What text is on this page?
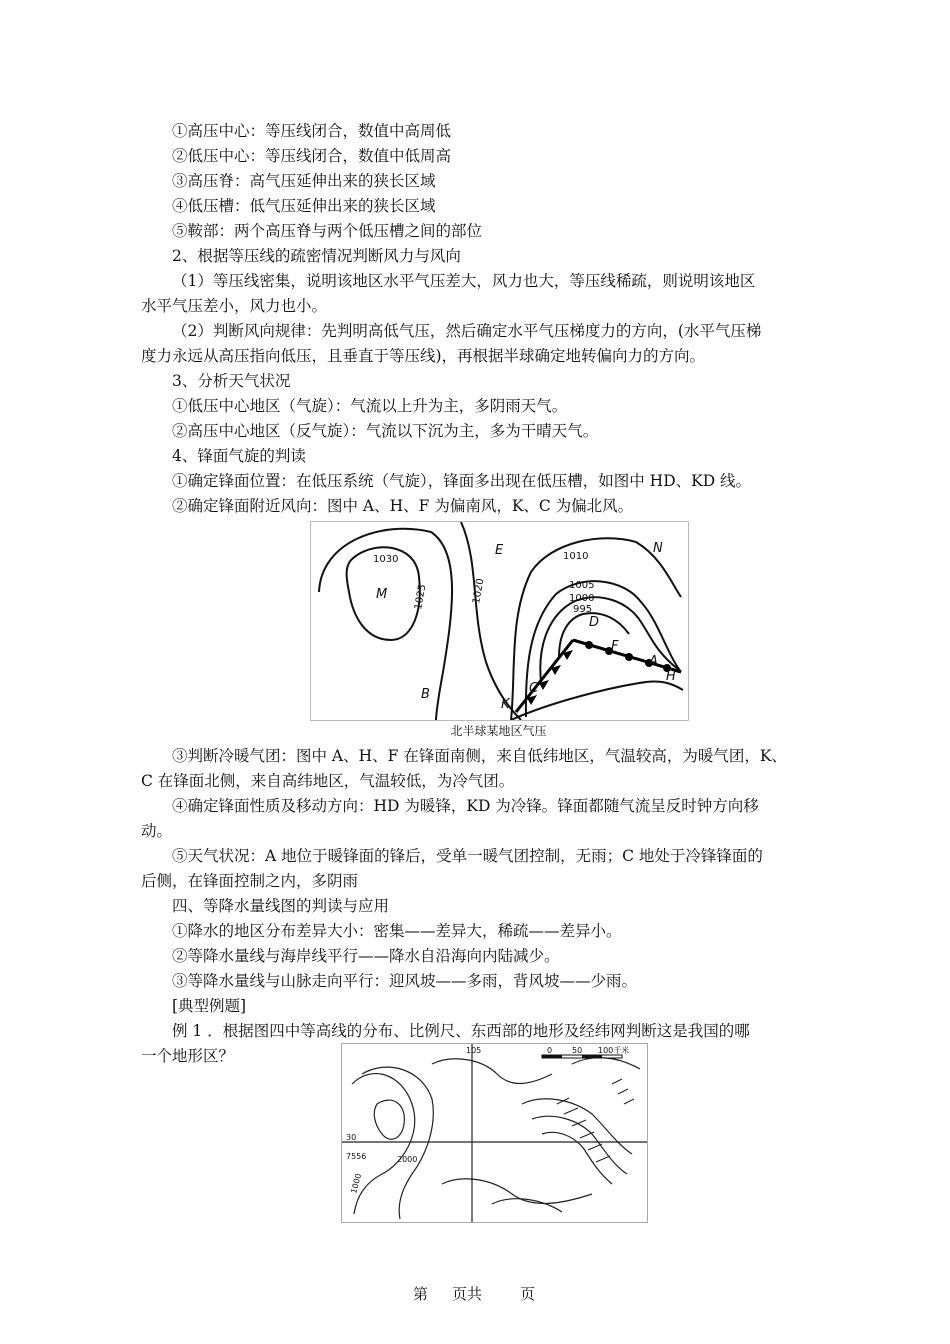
①高压中心：等压线闭合，数值中高周低
②低压中心：等压线闭合，数值中低周高
③高压脊：高气压延伸出来的狭长区域
④低压槽：低气压延伸出来的狭长区域
⑤鞍部：两个高压脊与两个低压槽之间的部位
2、根据等压线的疏密情况判断风力与风向
（1）等压线密集，说明该地区水平气压差大，风力也大，等压线稀疏，则说明该地区
水平气压差小，风力也小。
（2）判断风向规律：先判明高低气压，然后确定水平气压梯度力的方向，(水平气压梯
度力永远从高压指向低压，且垂直于等压线)，再根据半球确定地转偏向力的方向。
3、分析天气状况
①低压中心地区（气旋）：气流以上升为主，多阴雨天气。
②高压中心地区（反气旋）：气流以下沉为主，多为干晴天气。
4、锋面气旋的判读
①确定锋面位置：在低压系统（气旋），锋面多出现在低压槽，如图中 HD、KD 线。
②确定锋面附近风向：图中 A、H、F 为偏南风，K、C 为偏北风。
1030
1025	1020
1010
1005
1000
995
M
E	N
D
F
A
H
C
K
B
北半球某地区气压
③判断冷暖气团：图中 A、H、F 在锋面南侧，来自低纬地区，气温较高，为暖气团，K、
C 在锋面北侧，来自高纬地区，气温较低，为冷气团。
④确定锋面性质及移动方向：HD 为暖锋，KD 为冷锋。锋面都随气流呈反时钟方向移
动。
⑤天气状况：A 地位于暖锋面的锋后，受单一暖气团控制，无雨；C 地处于冷锋锋面的
后侧，在锋面控制之内，多阴雨
四、等降水量线图的判读与应用
①降水的地区分布差异大小：密集——差异大，稀疏——差异小。
②等降水量线与海岸线平行——降水自沿海向内陆减少。
③等降水量线与山脉走向平行：迎风坡——多雨，背风坡——少雨。
[典型例题]
例 1 ．根据图四中等高线的分布、比例尺、东西部的地形及经纬网判断这是我国的哪
一个地形区？	105	0 50 100千米
30
7556	2000
1000
第 页共	页
